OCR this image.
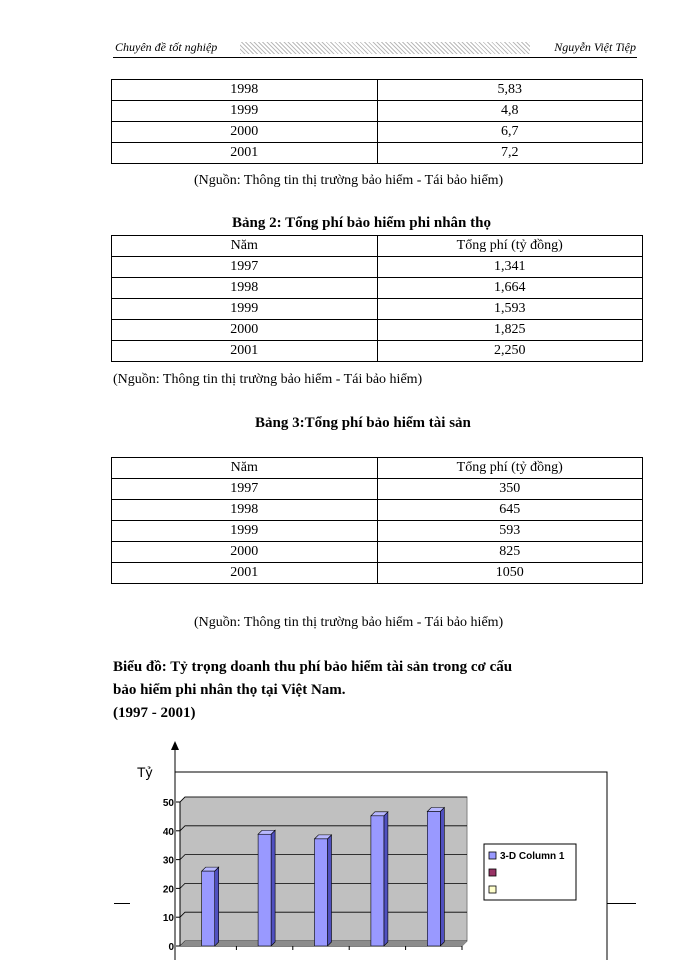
Chuyên đề tốt nghiệp	Nguyễn Việt Tiệp
1998	5,83
1999	4,8
2000	6,7
2001	7,2
(Nguồn: Thông tin thị trường bảo hiểm - Tái bảo hiểm)
Bảng 2: Tổng phí bảo hiểm phi nhân thọ
Năm	Tổng phí (tỷ đồng)
1997	1,341
1998	1,664
1999	1,593
2000	1,825
2001	2,250
(Nguồn: Thông tin thị trường bảo hiểm - Tái bảo hiểm)
Bảng 3:Tổng phí bảo hiểm tài sản
Năm	Tổng phí (tỷ đồng)
1997	350
1998	645
1999	593
2000	825
2001	1050
(Nguồn: Thông tin thị trường bảo hiểm - Tái bảo hiểm)
Biểu đồ: Tỷ trọng doanh thu phí bảo hiểm tài sản trong cơ cấu
bảo hiểm phi nhân thọ tại Việt Nam.
(1997 - 2001)
Tỷ
0
10
20
30
40
50
3-D Column 1
